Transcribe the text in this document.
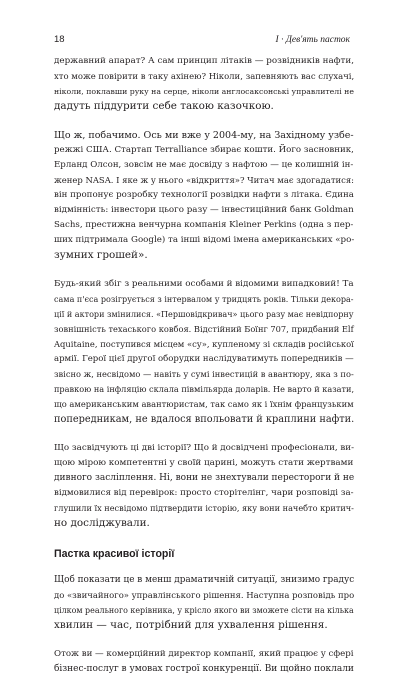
18	I · Дев'ять пасток
державний апарат? А сам принцип літаків — розвідників нафти,
хто може повірити в таку ахінею? Ніколи, запевняють вас слухачі,
ніколи, поклавши руку на серце, ніколи англосаксонські управлителі не
дадуть піддурити себе такою казочкою.
Що ж, побачимо. Ось ми вже у 2004-му, на Західному узбе-
режжі США. Стартап Terralliance збирає кошти. Його засновник,
Ерланд Олсон, зовсім не має досвіду з нафтою — це колишній ін-
женер NASA. І яке ж у нього «відкриття»? Читач має здогадатися:
він пропонує розробку технології розвідки нафти з літака. Єдина
відмінність: інвестори цього разу — інвестиційний банк Goldman
Sachs, престижна венчурна компанія Kleiner Perkins (одна з пер-
ших підтримала Google) та інші відомі імена американських «ро-
зумних грошей».
Будь-який збіг з реальними особами й відомими випадковий! Та
сама п'єса розігрується з інтервалом у тридцять років. Тільки декора-
ції й актори змінилися. «Першовідкривач» цього разу має невідпорну
зовнішність техаського ковбоя. Відстійний Боїнг 707, придбаний Elf
Aquitaine, поступився місцем «су», купленому зі складів російської
армії. Герої цієї другої оборудки наслідуватимуть попередників —
звісно ж, несвідомо — навіть у сумі інвестицій в авантюру, яка з по-
правкою на інфляцію склала півмільярда доларів. Не варто й казати,
що американським авантюристам, так само як і їхнім французьким
попередникам, не вдалося впольовати й краплини нафти.
Що засвідчують ці дві історії? Що й досвідчені професіонали, ви-
щою мірою компетентні у своїй царині, можуть стати жертвами
дивного засліплення. Ні, вони не знехтували перестороги й не
відмовилися від перевірок: просто сторітелінг, чари розповіді за-
глушили їх несвідомо підтвердити історію, яку вони начебто критич-
но досліджували.
Пастка красивої історії
Щоб показати це в менш драматичній ситуації, знизимо градус
до «звичайного» управлінського рішення. Наступна розповідь про
цілком реального керівника, у кріслo якого ви зможете сісти на кілька
хвилин — час, потрібний для ухвалення рішення.
Отож ви — комерційний директор компанії, який працює у сфері
бізнес-послуг в умовах гострої конкуренції. Ви щойно поклали
